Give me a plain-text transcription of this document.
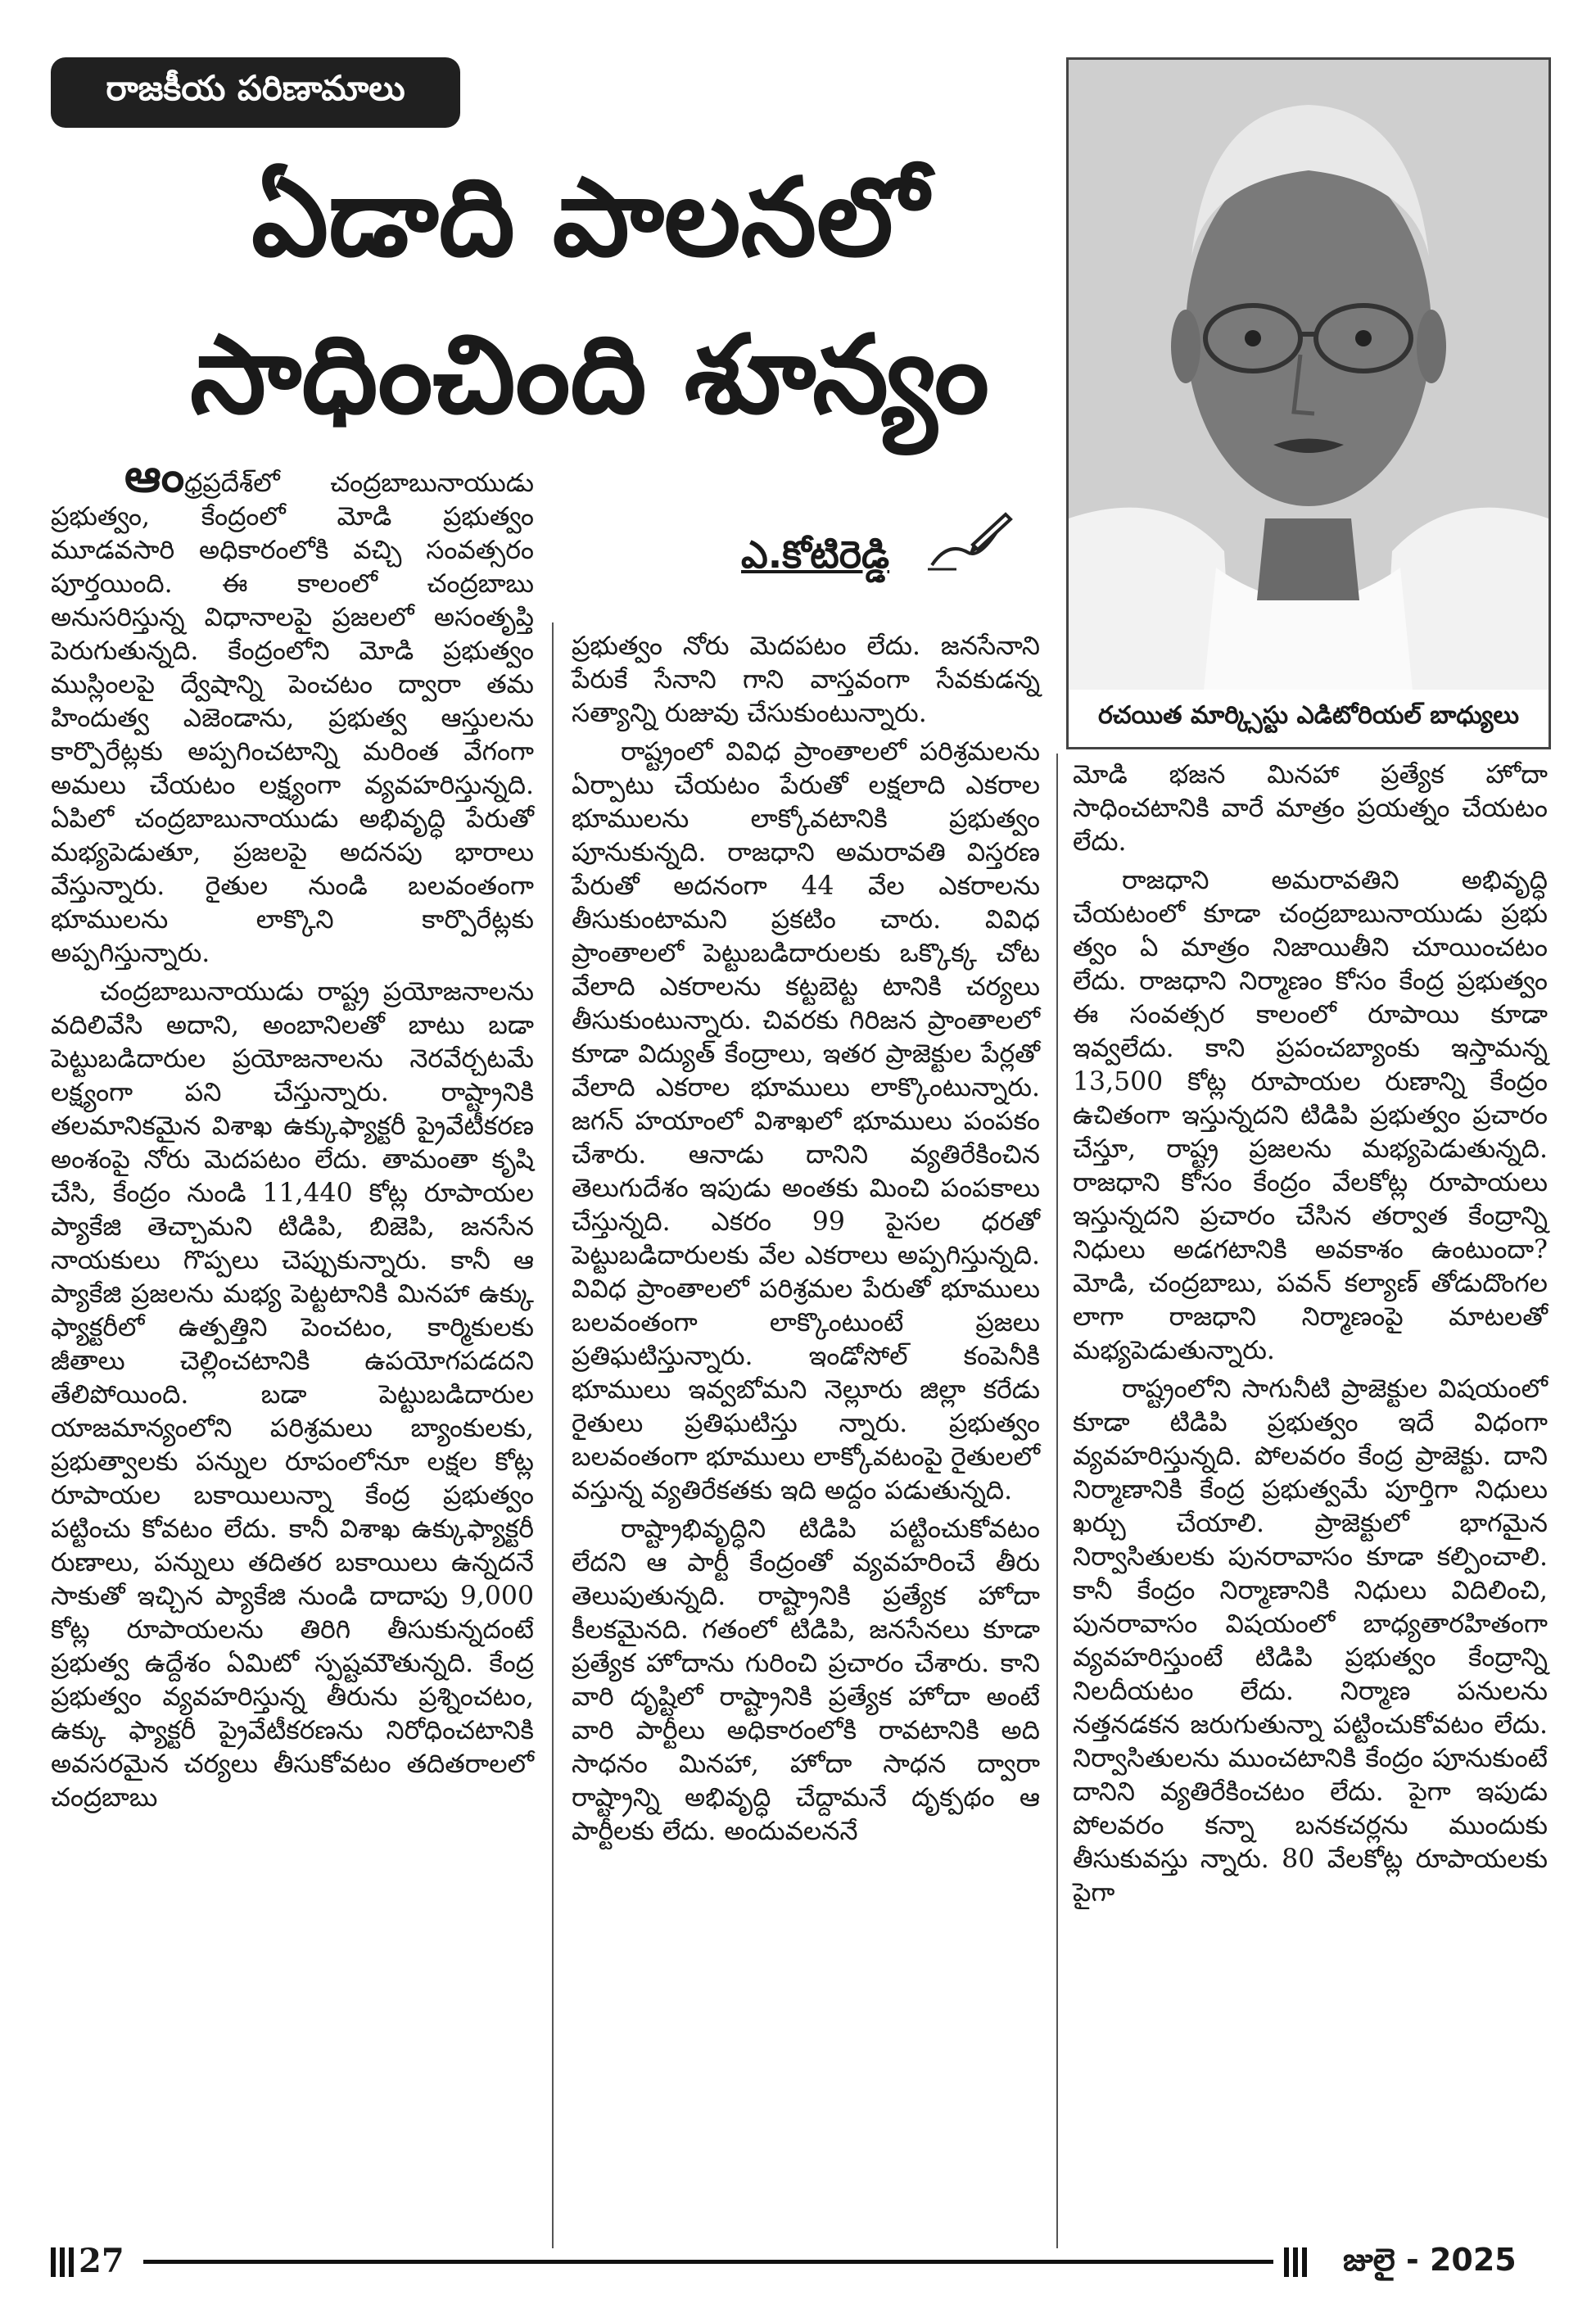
రాజకీయ పరిణామాలు
ఏడాది పాలనలో
సాధించింది శూన్యం
రచయిత మార్క్సిస్టు ఎడిటోరియల్ బాధ్యులు
ఎ.కోటిరెడ్డి

ఆంధ్రప్రదేశ్‌లో చంద్రబాబునాయుడు ప్రభుత్వం, కేంద్రంలో మోడి ప్రభుత్వం మూడవసారి అధికారంలోకి వచ్చి సంవత్సరం పూర్తయింది. ఈ కాలంలో చంద్రబాబు అనుసరిస్తున్న విధానాలపై ప్రజలలో అసంతృప్తి పెరుగుతున్నది. కేంద్రంలోని మోడి ప్రభుత్వం ముస్లింలపై ద్వేషాన్ని పెంచటం ద్వారా తమ హిందుత్వ ఎజెండాను, ప్రభుత్వ ఆస్తులను కార్పొరేట్లకు అప్పగించటాన్ని మరింత వేగంగా అమలు చేయటం లక్ష్యంగా వ్యవహరిస్తున్నది. ఏపిలో చంద్రబాబునాయుడు అభివృద్ధి పేరుతో మభ్యపెడుతూ, ప్రజలపై అదనపు భారాలు వేస్తున్నారు. రైతుల నుండి బలవంతంగా భూములను లాక్కొని కార్పొరేట్లకు అప్పగిస్తున్నారు.

చంద్రబాబునాయుడు రాష్ట్ర ప్రయోజనాలను వదిలివేసి అదాని, అంబానిలతో బాటు బడా పెట్టుబడిదారుల ప్రయోజనాలను నెరవేర్చటమే లక్ష్యంగా పని చేస్తున్నారు. రాష్ట్రానికి తలమానికమైన విశాఖ ఉక్కుఫ్యాక్టరీ ప్రైవేటీకరణ అంశంపై నోరు మెదపటం లేదు. తామంతా కృషి చేసి, కేంద్రం నుండి 11,440 కోట్ల రూపాయల ప్యాకేజి తెచ్చామని టిడిపి, బిజెపి, జనసేన నాయకులు గొప్పలు చెప్పుకున్నారు. కానీ ఆ ప్యాకేజి ప్రజలను మభ్య పెట్టటానికి మినహా ఉక్కు ఫ్యాక్టరీలో ఉత్పత్తిని పెంచటం, కార్మికులకు జీతాలు చెల్లించటానికి ఉపయోగపడదని తేలిపోయింది. బడా పెట్టుబడిదారుల యాజమాన్యంలోని పరిశ్రమలు బ్యాంకులకు, ప్రభుత్వాలకు పన్నుల రూపంలోనూ లక్షల కోట్ల రూపాయల బకాయిలున్నా కేంద్ర ప్రభుత్వం పట్టించు కోవటం లేదు. కానీ విశాఖ ఉక్కుఫ్యాక్టరీ రుణాలు, పన్నులు తదితర బకాయిలు ఉన్నదనే సాకుతో ఇచ్చిన ప్యాకేజి నుండి దాదాపు 9,000 కోట్ల రూపాయలను తిరిగి తీసుకున్నదంటే ప్రభుత్వ ఉద్దేశం ఏమిటో స్పష్టమౌతున్నది. కేంద్ర ప్రభుత్వం వ్యవహరిస్తున్న తీరును ప్రశ్నించటం, ఉక్కు ఫ్యాక్టరీ ప్రైవేటీకరణను నిరోధించటానికి అవసరమైన చర్యలు తీసుకోవటం తదితరాలలో చంద్రబాబు

ప్రభుత్వం నోరు మెదపటం లేదు. జనసేనాని పేరుకే సేనాని గాని వాస్తవంగా సేవకుడన్న సత్యాన్ని రుజువు చేసుకుంటున్నారు.

రాష్ట్రంలో వివిధ ప్రాంతాలలో పరిశ్రమలను ఏర్పాటు చేయటం పేరుతో లక్షలాది ఎకరాల భూములను లాక్కోవటానికి ప్రభుత్వం పూనుకున్నది. రాజధాని అమరావతి విస్తరణ పేరుతో అదనంగా 44 వేల ఎకరాలను తీసుకుంటామని ప్రకటిం చారు. వివిధ ప్రాంతాలలో పెట్టుబడిదారులకు ఒక్కొక్క చోట వేలాది ఎకరాలను కట్టబెట్ట టానికి చర్యలు తీసుకుంటున్నారు. చివరకు గిరిజన ప్రాంతాలలో కూడా విద్యుత్ కేంద్రాలు, ఇతర ప్రాజెక్టుల పేర్లతో వేలాది ఎకరాల భూములు లాక్కొంటున్నారు. జగన్ హయాంలో విశాఖలో భూములు పంపకం చేశారు. ఆనాడు దానిని వ్యతిరేకించిన తెలుగుదేశం ఇపుడు అంతకు మించి పంపకాలు చేస్తున్నది. ఎకరం 99 పైసల ధరతో పెట్టుబడిదారులకు వేల ఎకరాలు అప్పగిస్తున్నది. వివిధ ప్రాంతాలలో పరిశ్రమల పేరుతో భూములు బలవంతంగా లాక్కొంటుంటే ప్రజలు ప్రతిఘటిస్తున్నారు. ఇండోసోల్ కంపెనీకి భూములు ఇవ్వబోమని నెల్లూరు జిల్లా కరేడు రైతులు ప్రతిఘటిస్తు న్నారు. ప్రభుత్వం బలవంతంగా భూములు లాక్కోవటంపై రైతులలో వస్తున్న వ్యతిరేకతకు ఇది అద్దం పడుతున్నది.

రాష్ట్రాభివృద్ధిని టిడిపి పట్టించుకోవటం లేదని ఆ పార్టీ కేంద్రంతో వ్యవహరించే తీరు తెలుపుతున్నది. రాష్ట్రానికి ప్రత్యేక హోదా కీలకమైనది. గతంలో టిడిపి, జనసేనలు కూడా ప్రత్యేక హోదాను గురించి ప్రచారం చేశారు. కాని వారి దృష్టిలో రాష్ట్రానికి ప్రత్యేక హోదా అంటే వారి పార్టీలు అధికారంలోకి రావటానికి అది సాధనం మినహా, హోదా సాధన ద్వారా రాష్ట్రాన్ని అభివృద్ధి చేద్దామనే దృక్పథం ఆ పార్టీలకు లేదు. అందువలననే

మోడి భజన మినహా ప్రత్యేక హోదా సాధించటానికి వారే మాత్రం ప్రయత్నం చేయటం లేదు.

రాజధాని అమరావతిని అభివృద్ధి చేయటంలో కూడా చంద్రబాబునాయుడు ప్రభు త్వం ఏ మాత్రం నిజాయితీని చూయించటం లేదు. రాజధాని నిర్మాణం కోసం కేంద్ర ప్రభుత్వం ఈ సంవత్సర కాలంలో రూపాయి కూడా ఇవ్వలేదు. కాని ప్రపంచబ్యాంకు ఇస్తామన్న 13,500 కోట్ల రూపాయల రుణాన్ని కేంద్రం ఉచితంగా ఇస్తున్నదని టిడిపి ప్రభుత్వం ప్రచారం చేస్తూ, రాష్ట్ర ప్రజలను మభ్యపెడుతున్నది. రాజధాని కోసం కేంద్రం వేలకోట్ల రూపాయలు ఇస్తున్నదని ప్రచారం చేసిన తర్వాత కేంద్రాన్ని నిధులు అడగటానికి అవకాశం ఉంటుందా? మోడి, చంద్రబాబు, పవన్ కల్యాణ్ తోడుదొంగల లాగా రాజధాని నిర్మాణంపై మాటలతో మభ్యపెడుతున్నారు.

రాష్ట్రంలోని సాగునీటి ప్రాజెక్టుల విషయంలో కూడా టిడిపి ప్రభుత్వం ఇదే విధంగా వ్యవహరిస్తున్నది. పోలవరం కేంద్ర ప్రాజెక్టు. దాని నిర్మాణానికి కేంద్ర ప్రభుత్వమే పూర్తిగా నిధులు ఖర్చు చేయాలి. ప్రాజెక్టులో భాగమైన నిర్వాసితులకు పునరావాసం కూడా కల్పించాలి. కానీ కేంద్రం నిర్మాణానికి నిధులు విదిలించి, పునరావాసం విషయంలో బాధ్యతారహితంగా వ్యవహరిస్తుంటే టిడిపి ప్రభుత్వం కేంద్రాన్ని నిలదీయటం లేదు. నిర్మాణ పనులను నత్తనడకన జరుగుతున్నా పట్టించుకోవటం లేదు. నిర్వాసితులను ముంచటానికి కేంద్రం పూనుకుంటే దానిని వ్యతిరేకించటం లేదు. పైగా ఇపుడు పోలవరం కన్నా బనకచర్లను ముందుకు తీసుకువస్తు న్నారు. 80 వేలకోట్ల రూపాయలకు పైగా

27	జులై - 2025
